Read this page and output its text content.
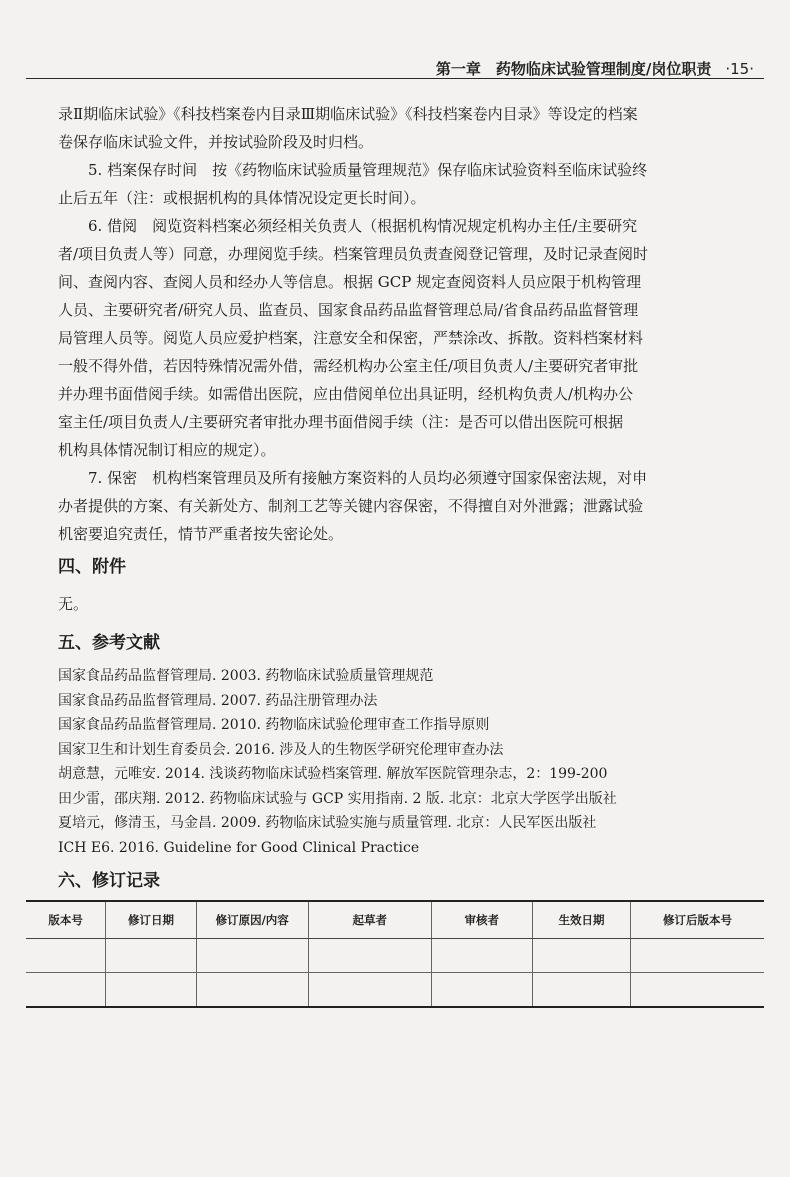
第一章　药物临床试验管理制度/岗位职责 ·15·

录Ⅱ期临床试验》《科技档案卷内目录Ⅲ期临床试验》《科技档案卷内目录》等设定的档案

卷保存临床试验文件，并按试验阶段及时归档。

5. 档案保存时间　按《药物临床试验质量管理规范》保存临床试验资料至临床试验终

止后五年（注：或根据机构的具体情况设定更长时间）。

6. 借阅　阅览资料档案必须经相关负责人（根据机构情况规定机构办主任/主要研究

者/项目负责人等）同意，办理阅览手续。档案管理员负责查阅登记管理，及时记录查阅时

间、查阅内容、查阅人员和经办人等信息。根据 GCP 规定查阅资料人员应限于机构管理

人员、主要研究者/研究人员、监查员、国家食品药品监督管理总局/省食品药品监督管理

局管理人员等。阅览人员应爱护档案，注意安全和保密，严禁涂改、拆散。资料档案材料

一般不得外借，若因特殊情况需外借，需经机构办公室主任/项目负责人/主要研究者审批

并办理书面借阅手续。如需借出医院，应由借阅单位出具证明，经机构负责人/机构办公

室主任/项目负责人/主要研究者审批办理书面借阅手续（注：是否可以借出医院可根据

机构具体情况制订相应的规定）。

7. 保密　机构档案管理员及所有接触方案资料的人员均必须遵守国家保密法规，对申

办者提供的方案、有关新处方、制剂工艺等关键内容保密，不得擅自对外泄露；泄露试验

机密要追究责任，情节严重者按失密论处。

四、附件
无。
五、参考文献
国家食品药品监督管理局. 2003. 药物临床试验质量管理规范
国家食品药品监督管理局. 2007. 药品注册管理办法
国家食品药品监督管理局. 2010. 药物临床试验伦理审查工作指导原则
国家卫生和计划生育委员会. 2016. 涉及人的生物医学研究伦理审查办法
胡意慧，元唯安. 2014. 浅谈药物临床试验档案管理. 解放军医院管理杂志，2：199-200
田少雷，邵庆翔. 2012. 药物临床试验与 GCP 实用指南. 2 版. 北京：北京大学医学出版社
夏培元，修清玉，马金昌. 2009. 药物临床试验实施与质量管理. 北京：人民军医出版社
ICH E6. 2016. Guideline for Good Clinical Practice
六、修订记录
版本号	修订日期	修订原因/内容	起草者	审核者	生效日期	修订后版本号
